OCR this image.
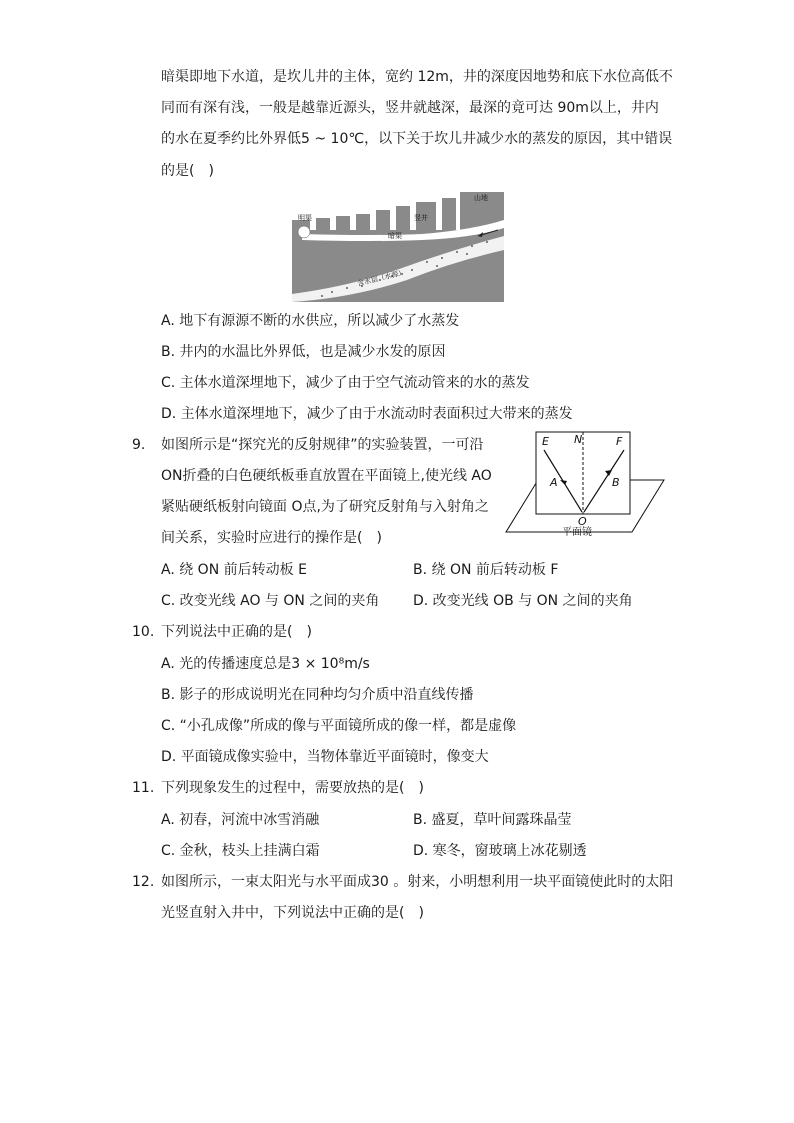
暗渠即地下水道，是坎儿井的主体，宽约 12m，井的深度因地势和底下水位高低不
同而有深有浅，一般是越靠近源头，竖井就越深，最深的竟可达 90m以上，井内
的水在夏季约比外界低5 ~ 10℃，以下关于坎儿井减少水的蒸发的原因，其中错误
的是(　)
明渠	竖井
山地
暗渠
含水层（水源）
A. 地下有源源不断的水供应，所以减少了水蒸发
B. 井内的水温比外界低，也是减少水发的原因
C. 主体水道深埋地下，减少了由于空气流动管来的水的蒸发
D. 主体水道深埋地下，减少了由于水流动时表面积过大带来的蒸发
9. 如图所示是“探究光的反射规律”的实验装置，一可沿
ON折叠的白色硬纸板垂直放置在平面镜上,使光线 AO
紧贴硬纸板射向镜面 O点,为了研究反射角与入射角之
间关系，实验时应进行的操作是(　)
E N	F
A	B
O
平面镜
A. 绕 ON 前后转动板 E	B. 绕 ON 前后转动板 F
C. 改变光线 AO 与 ON 之间的夹角 D. 改变光线 OB 与 ON 之间的夹角
10. 下列说法中正确的是(　)
A. 光的传播速度总是3 × 10⁸m/s
B. 影子的形成说明光在同种均匀介质中沿直线传播
C. “小孔成像”所成的像与平面镜所成的像一样，都是虚像
D. 平面镜成像实验中，当物体靠近平面镜时，像变大
11. 下列现象发生的过程中，需要放热的是(　)
A. 初春，河流中冰雪消融	B. 盛夏，草叶间露珠晶莹
C. 金秋，枝头上挂满白霜	D. 寒冬，窗玻璃上冰花剔透
12. 如图所示，一束太阳光与水平面成30 。射来，小明想利用一块平面镜使此时的太阳
光竖直射入井中，下列说法中正确的是(　)
